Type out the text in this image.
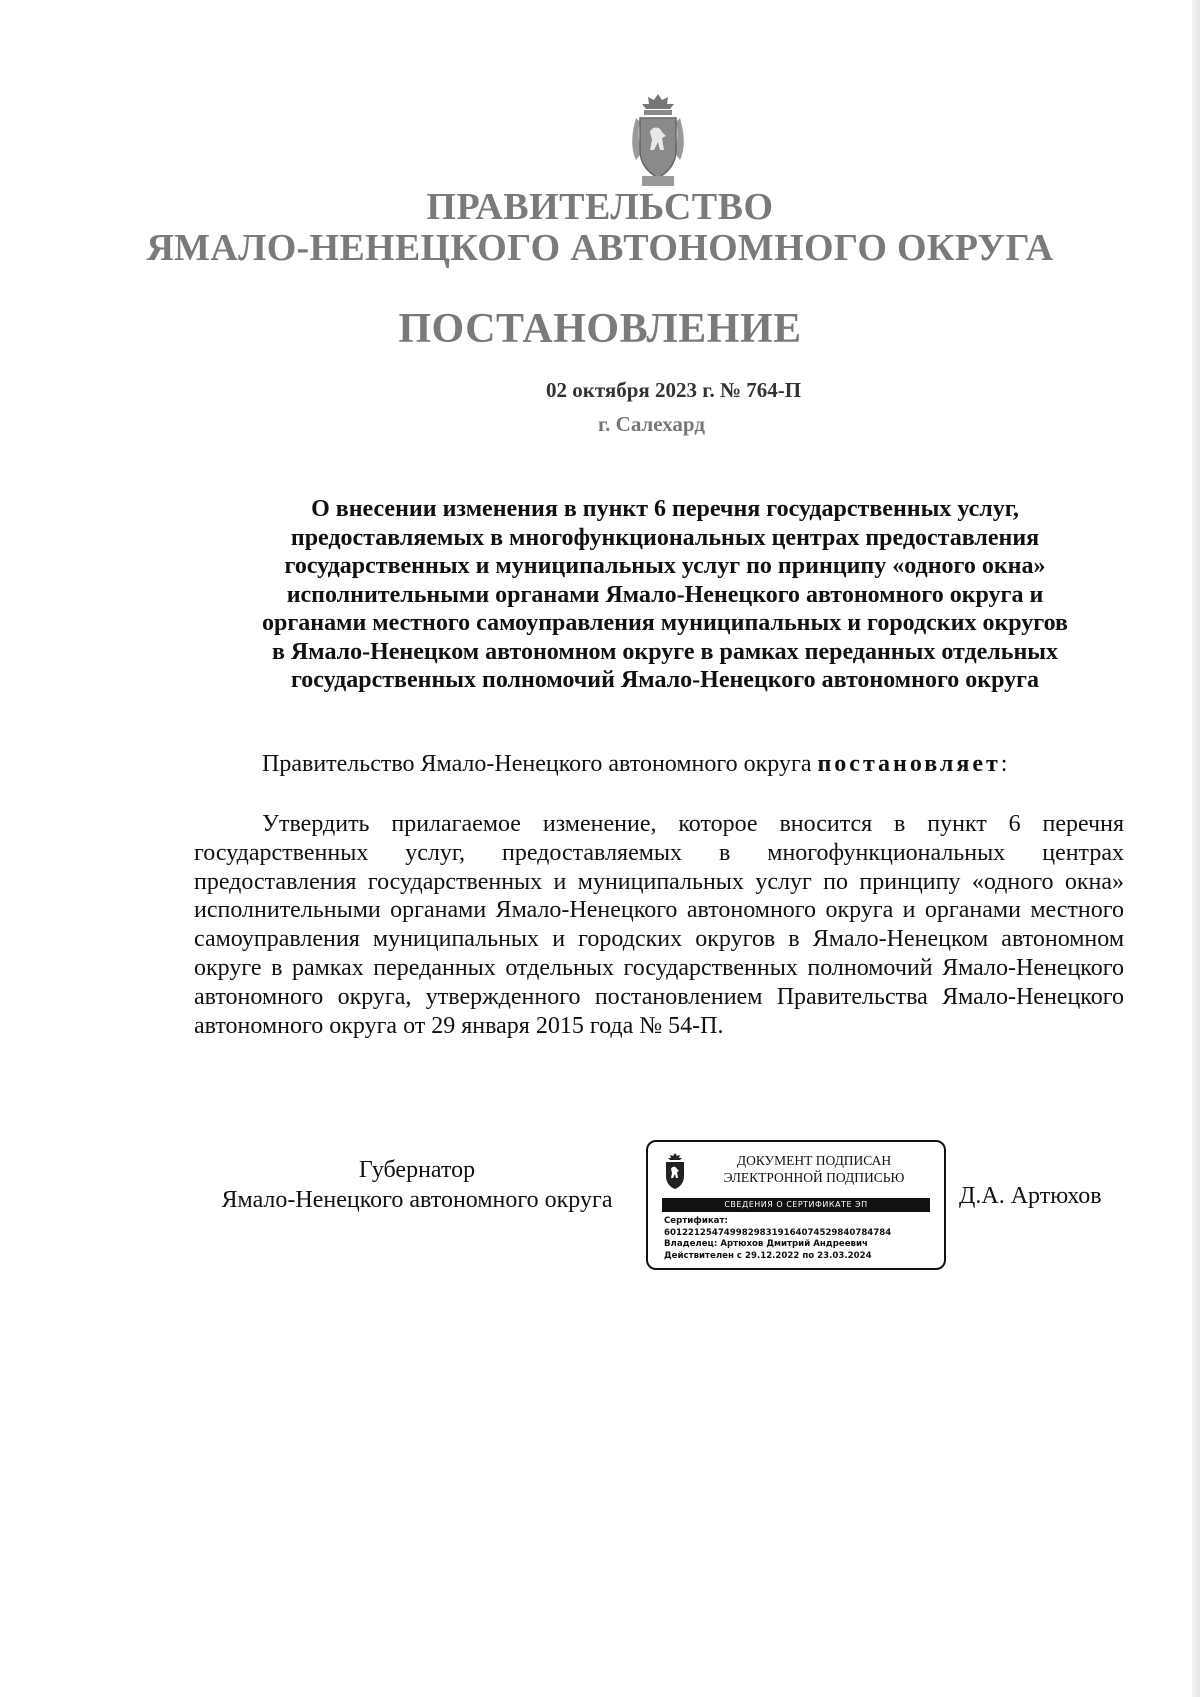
ПРАВИТЕЛЬСТВО
ЯМАЛО-НЕНЕЦКОГО АВТОНОМНОГО ОКРУГА
ПОСТАНОВЛЕНИЕ
02 октября 2023 г. № 764-П
г. Салехард
О внесении изменения в пункт 6 перечня государственных услуг,
предоставляемых в многофункциональных центрах предоставления
государственных и муниципальных услуг по принципу «одного окна»
исполнительными органами Ямало-Ненецкого автономного округа и
органами местного самоуправления муниципальных и городских округов
в Ямало-Ненецком автономном округе в рамках переданных отдельных
государственных полномочий Ямало-Ненецкого автономного округа
Правительство Ямало-Ненецкого автономного округа постановляет:

Утвердить прилагаемое изменение, которое вносится в пункт 6 перечня государственных услуг, предоставляемых в многофункциональных центрах предоставления государственных и муниципальных услуг по принципу «одного окна» исполнительными органами Ямало-Ненецкого автономного округа и органами местного самоуправления муниципальных и городских округов в Ямало-Ненецком автономном округе в рамках переданных отдельных государственных полномочий Ямало-Ненецкого автономного округа, утвержденного постановлением Правительства Ямало-Ненецкого автономного округа от 29 января 2015 года № 54-П.

Губернатор
Ямало-Ненецкого автономного округа
ДОКУМЕНТ ПОДПИСАН
ЭЛЕКТРОННОЙ ПОДПИСЬЮ
СВЕДЕНИЯ О СЕРТИФИКАТЕ ЭП
Сертификат:
60122125474998298319164074529840784784
Владелец: Артюхов Дмитрий Андреевич
Действителен с 29.12.2022 по 23.03.2024
Д.А. Артюхов
